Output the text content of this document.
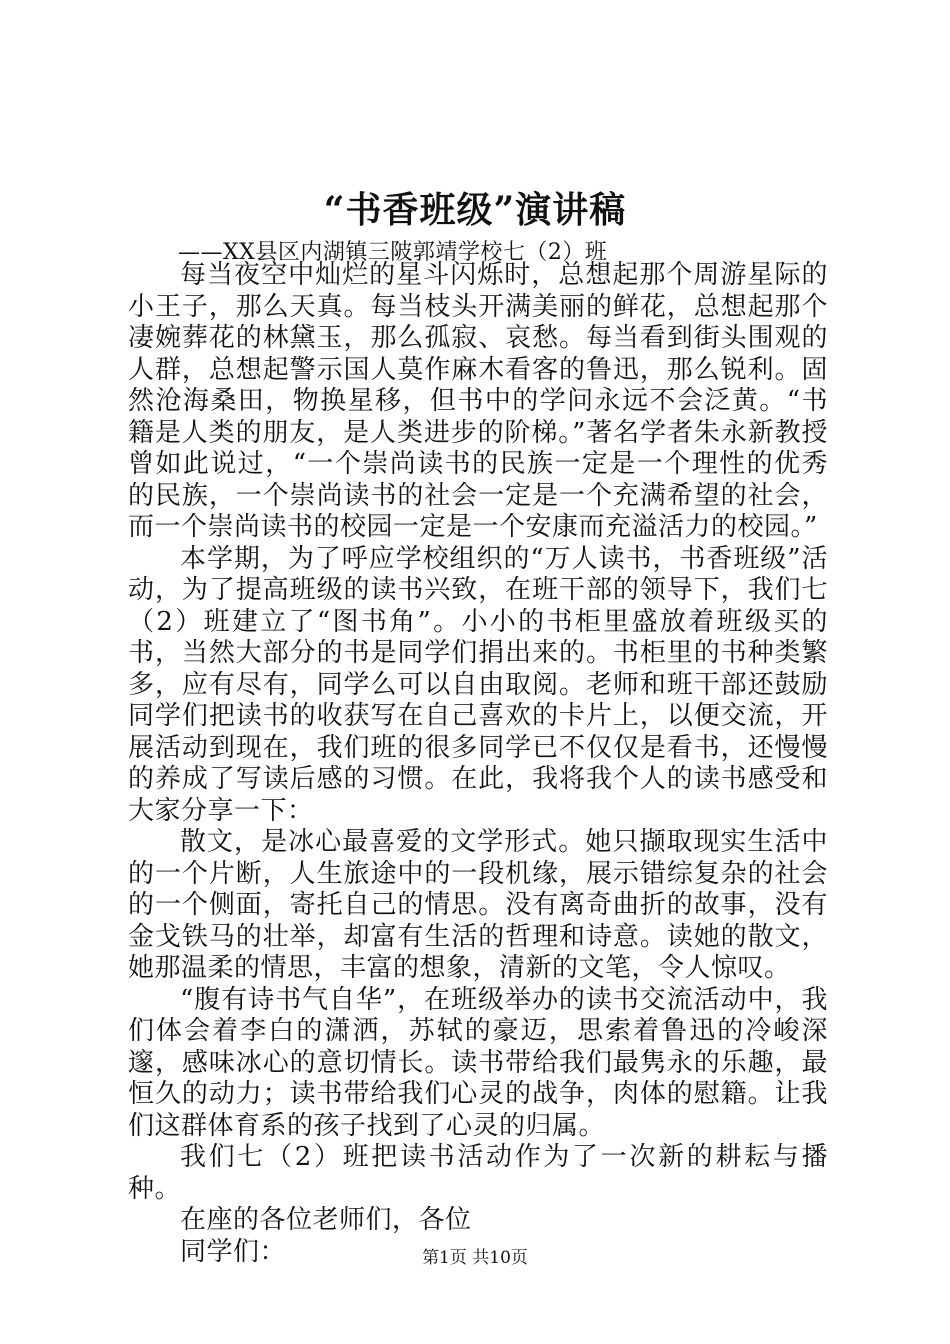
“书香班级”演讲稿
——XX县区内湖镇三陂郭靖学校七（2）班

每当夜空中灿烂的星斗闪烁时，总想起那个周游星际的小王子，那么天真。每当枝头开满美丽的鲜花，总想起那个凄婉葬花的林黛玉，那么孤寂、哀愁。每当看到街头围观的人群，总想起警示国人莫作麻木看客的鲁迅，那么锐利。固然沧海桑田，物换星移，但书中的学问永远不会泛黄。“书籍是人类的朋友，是人类进步的阶梯。”著名学者朱永新教授曾如此说过，“一个崇尚读书的民族一定是一个理性的优秀的民族，一个崇尚读书的社会一定是一个充满希望的社会，而一个崇尚读书的校园一定是一个安康而充溢活力的校园。”

本学期，为了呼应学校组织的“万人读书，书香班级”活动，为了提高班级的读书兴致，在班干部的领导下，我们七（2）班建立了“图书角”。小小的书柜里盛放着班级买的书，当然大部分的书是同学们捐出来的。书柜里的书种类繁多，应有尽有，同学么可以自由取阅。老师和班干部还鼓励同学们把读书的收获写在自己喜欢的卡片上，以便交流，开展活动到现在，我们班的很多同学已不仅仅是看书，还慢慢的养成了写读后感的习惯。在此，我将我个人的读书感受和大家分享一下：

散文，是冰心最喜爱的文学形式。她只撷取现实生活中的一个片断，人生旅途中的一段机缘，展示错综复杂的社会的一个侧面，寄托自己的情思。没有离奇曲折的故事，没有金戈铁马的壮举，却富有生活的哲理和诗意。读她的散文，她那温柔的情思，丰富的想象，清新的文笔，令人惊叹。

“腹有诗书气自华”，在班级举办的读书交流活动中，我们体会着李白的潇洒，苏轼的豪迈，思索着鲁迅的冷峻深邃，感味冰心的意切情长。读书带给我们最隽永的乐趣，最恒久的动力；读书带给我们心灵的战争，肉体的慰籍。让我们这群体育系的孩子找到了心灵的归属。

我们七（2）班把读书活动作为了一次新的耕耘与播种。

在座的各位老师们，各位

同学们：	第1页 共10页
